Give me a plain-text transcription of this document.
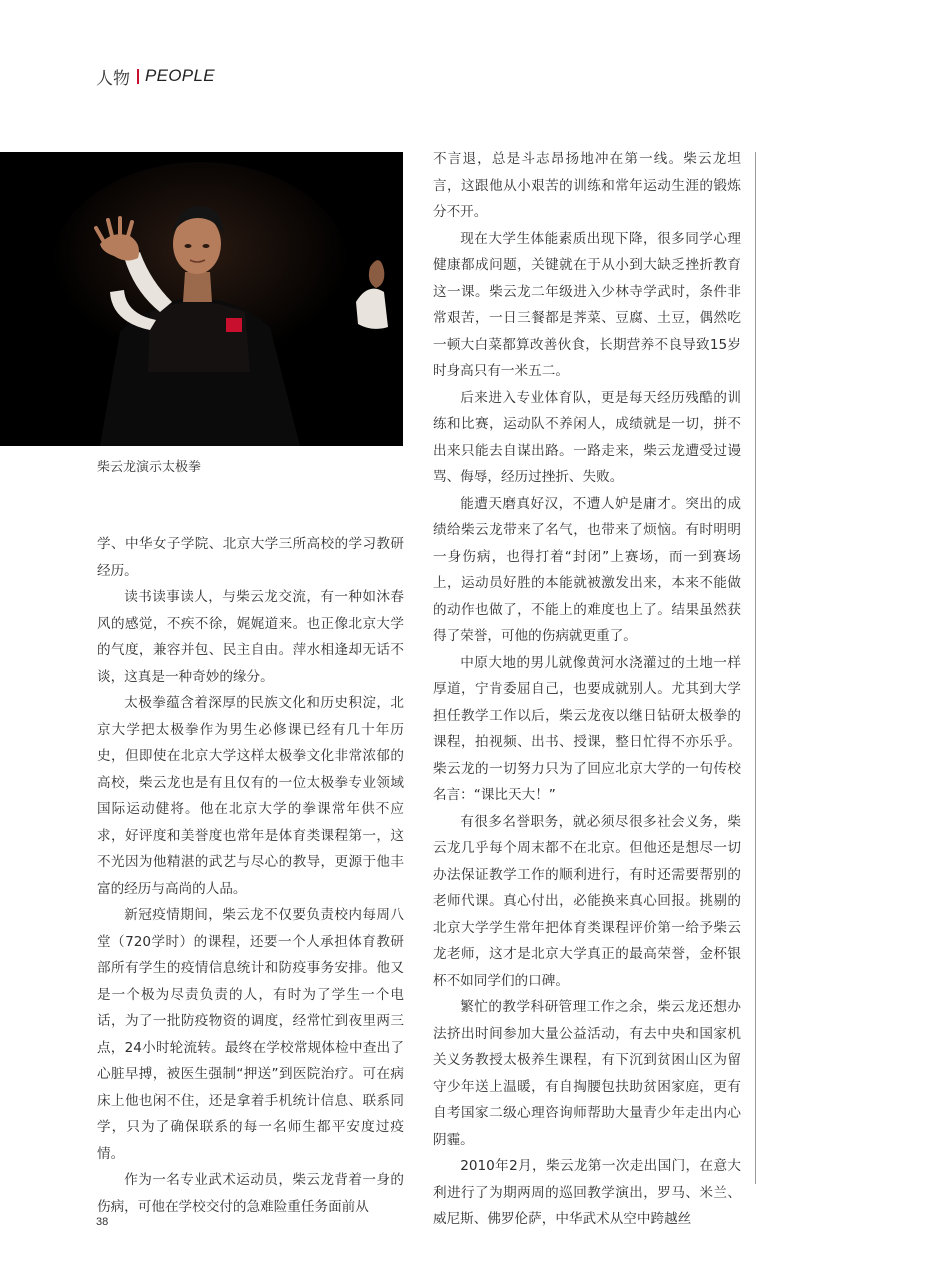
人物 PEOPLE
柴云龙演示太极拳

学、中华女子学院、北京大学三所高校的学习教研经历。

读书读事读人，与柴云龙交流，有一种如沐春风的感觉，不疾不徐，娓娓道来。也正像北京大学的气度，兼容并包、民主自由。萍水相逢却无话不谈，这真是一种奇妙的缘分。

太极拳蕴含着深厚的民族文化和历史积淀，北京大学把太极拳作为男生必修课已经有几十年历史，但即使在北京大学这样太极拳文化非常浓郁的高校，柴云龙也是有且仅有的一位太极拳专业领域国际运动健将。他在北京大学的拳课常年供不应求，好评度和美誉度也常年是体育类课程第一，这不光因为他精湛的武艺与尽心的教导，更源于他丰富的经历与高尚的人品。

新冠疫情期间，柴云龙不仅要负责校内每周八堂（720学时）的课程，还要一个人承担体育教研部所有学生的疫情信息统计和防疫事务安排。他又是一个极为尽责负责的人，有时为了学生一个电话，为了一批防疫物资的调度，经常忙到夜里两三点，24小时轮流转。最终在学校常规体检中查出了心脏早搏，被医生强制“押送”到医院治疗。可在病床上他也闲不住，还是拿着手机统计信息、联系同学，只为了确保联系的每一名师生都平安度过疫情。

作为一名专业武术运动员，柴云龙背着一身的伤病，可他在学校交付的急难险重任务面前从

不言退，总是斗志昂扬地冲在第一线。柴云龙坦言，这跟他从小艰苦的训练和常年运动生涯的锻炼分不开。

现在大学生体能素质出现下降，很多同学心理健康都成问题，关键就在于从小到大缺乏挫折教育这一课。柴云龙二年级进入少林寺学武时，条件非常艰苦，一日三餐都是荠菜、豆腐、土豆，偶然吃一顿大白菜都算改善伙食，长期营养不良导致15岁时身高只有一米五二。

后来进入专业体育队，更是每天经历残酷的训练和比赛，运动队不养闲人，成绩就是一切，拼不出来只能去自谋出路。一路走来，柴云龙遭受过谩骂、侮辱，经历过挫折、失败。

能遭天磨真好汉，不遭人妒是庸才。突出的成绩给柴云龙带来了名气，也带来了烦恼。有时明明一身伤病，也得打着“封闭”上赛场，而一到赛场上，运动员好胜的本能就被激发出来，本来不能做的动作也做了，不能上的难度也上了。结果虽然获得了荣誉，可他的伤病就更重了。

中原大地的男儿就像黄河水浇灌过的土地一样厚道，宁肯委屈自己，也要成就别人。尤其到大学担任教学工作以后，柴云龙夜以继日钻研太极拳的课程，拍视频、出书、授课，整日忙得不亦乐乎。柴云龙的一切努力只为了回应北京大学的一句传校名言：“课比天大！”

有很多名誉职务，就必须尽很多社会义务，柴云龙几乎每个周末都不在北京。但他还是想尽一切办法保证教学工作的顺利进行，有时还需要帮别的老师代课。真心付出，必能换来真心回报。挑剔的北京大学学生常年把体育类课程评价第一给予柴云龙老师，这才是北京大学真正的最高荣誉，金杯银杯不如同学们的口碑。

繁忙的教学科研管理工作之余，柴云龙还想办法挤出时间参加大量公益活动，有去中央和国家机关义务教授太极养生课程，有下沉到贫困山区为留守少年送上温暖，有自掏腰包扶助贫困家庭，更有自考国家二级心理咨询师帮助大量青少年走出内心阴霾。

2010年2月，柴云龙第一次走出国门，在意大利进行了为期两周的巡回教学演出，罗马、米兰、威尼斯、佛罗伦萨，中华武术从空中跨越丝

38
